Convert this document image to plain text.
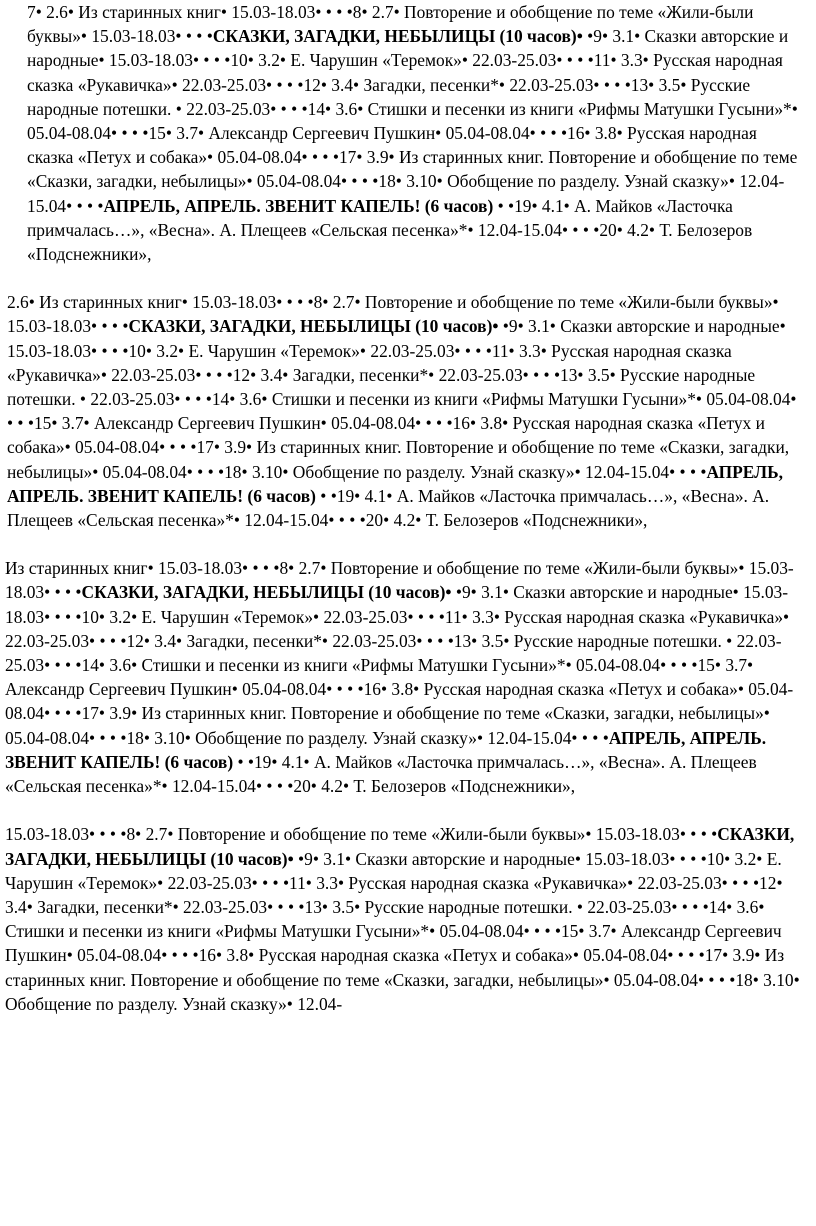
7• 2.6• Из старинных книг• 15.03-18.03• • • •8• 2.7• Повторение и обобщение по теме «Жили-были буквы»• 15.03-18.03• • • •СКАЗКИ, ЗАГАДКИ, НЕБЫЛИЦЫ (10 часов)• •9• 3.1• Сказки авторские и народные• 15.03-18.03• • • •10• 3.2• Е. Чарушин «Теремок»• 22.03-25.03• • • •11• 3.3• Русская народная сказка «Рукавичка»• 22.03-25.03• • • •12• 3.4• Загадки, песенки*• 22.03-25.03• • • •13• 3.5• Русские народные потешки. • 22.03-25.03• • • •14• 3.6• Стишки и песенки из книги «Рифмы Матушки Гусыни»*• 05.04-08.04• • • •15• 3.7• Александр Сергеевич Пушкин• 05.04-08.04• • • •16• 3.8• Русская народная сказка «Петух и собака»• 05.04-08.04• • • •17• 3.9• Из старинных книг. Повторение и обобщение по теме «Сказки, загадки, небылицы»• 05.04-08.04• • • •18• 3.10• Обобщение по разделу. Узнай сказку»• 12.04-15.04• • • •АПРЕЛЬ, АПРЕЛЬ. ЗВЕНИТ КАПЕЛЬ! (6 часов) • •19• 4.1• А. Майков «Ласточка примчалась…», «Весна». А. Плещеев «Сельская песенка»*• 12.04-15.04• • • •20• 4.2• Т. Белозеров «Подснежники»,

2.6• Из старинных книг• 15.03-18.03• • • •8• 2.7• Повторение и обобщение по теме «Жили-были буквы»• 15.03-18.03• • • •СКАЗКИ, ЗАГАДКИ, НЕБЫЛИЦЫ (10 часов)• •9• 3.1• Сказки авторские и народные• 15.03-18.03• • • •10• 3.2• Е. Чарушин «Теремок»• 22.03-25.03• • • •11• 3.3• Русская народная сказка «Рукавичка»• 22.03-25.03• • • •12• 3.4• Загадки, песенки*• 22.03-25.03• • • •13• 3.5• Русские народные потешки. • 22.03-25.03• • • •14• 3.6• Стишки и песенки из книги «Рифмы Матушки Гусыни»*• 05.04-08.04• • • •15• 3.7• Александр Сергеевич Пушкин• 05.04-08.04• • • •16• 3.8• Русская народная сказка «Петух и собака»• 05.04-08.04• • • •17• 3.9• Из старинных книг. Повторение и обобщение по теме «Сказки, загадки, небылицы»• 05.04-08.04• • • •18• 3.10• Обобщение по разделу. Узнай сказку»• 12.04-15.04• • • •АПРЕЛЬ, АПРЕЛЬ. ЗВЕНИТ КАПЕЛЬ! (6 часов) • •19• 4.1• А. Майков «Ласточка примчалась…», «Весна». А. Плещеев «Сельская песенка»*• 12.04-15.04• • • •20• 4.2• Т. Белозеров «Подснежники»,

Из старинных книг• 15.03-18.03• • • •8• 2.7• Повторение и обобщение по теме «Жили-были буквы»• 15.03-18.03• • • •СКАЗКИ, ЗАГАДКИ, НЕБЫЛИЦЫ (10 часов)• •9• 3.1• Сказки авторские и народные• 15.03-18.03• • • •10• 3.2• Е. Чарушин «Теремок»• 22.03-25.03• • • •11• 3.3• Русская народная сказка «Рукавичка»• 22.03-25.03• • • •12• 3.4• Загадки, песенки*• 22.03-25.03• • • •13• 3.5• Русские народные потешки. • 22.03-25.03• • • •14• 3.6• Стишки и песенки из книги «Рифмы Матушки Гусыни»*• 05.04-08.04• • • •15• 3.7• Александр Сергеевич Пушкин• 05.04-08.04• • • •16• 3.8• Русская народная сказка «Петух и собака»• 05.04-08.04• • • •17• 3.9• Из старинных книг. Повторение и обобщение по теме «Сказки, загадки, небылицы»• 05.04-08.04• • • •18• 3.10• Обобщение по разделу. Узнай сказку»• 12.04-15.04• • • •АПРЕЛЬ, АПРЕЛЬ. ЗВЕНИТ КАПЕЛЬ! (6 часов) • •19• 4.1• А. Майков «Ласточка примчалась…», «Весна». А. Плещеев «Сельская песенка»*• 12.04-15.04• • • •20• 4.2• Т. Белозеров «Подснежники»,

15.03-18.03• • • •8• 2.7• Повторение и обобщение по теме «Жили-были буквы»• 15.03-18.03• • • •СКАЗКИ, ЗАГАДКИ, НЕБЫЛИЦЫ (10 часов)• •9• 3.1• Сказки авторские и народные• 15.03-18.03• • • •10• 3.2• Е. Чарушин «Теремок»• 22.03-25.03• • • •11• 3.3• Русская народная сказка «Рукавичка»• 22.03-25.03• • • •12• 3.4• Загадки, песенки*• 22.03-25.03• • • •13• 3.5• Русские народные потешки. • 22.03-25.03• • • •14• 3.6• Стишки и песенки из книги «Рифмы Матушки Гусыни»*• 05.04-08.04• • • •15• 3.7• Александр Сергеевич Пушкин• 05.04-08.04• • • •16• 3.8• Русская народная сказка «Петух и собака»• 05.04-08.04• • • •17• 3.9• Из старинных книг. Повторение и обобщение по теме «Сказки, загадки, небылицы»• 05.04-08.04• • • •18• 3.10• Обобщение по разделу. Узнай сказку»• 12.04-
